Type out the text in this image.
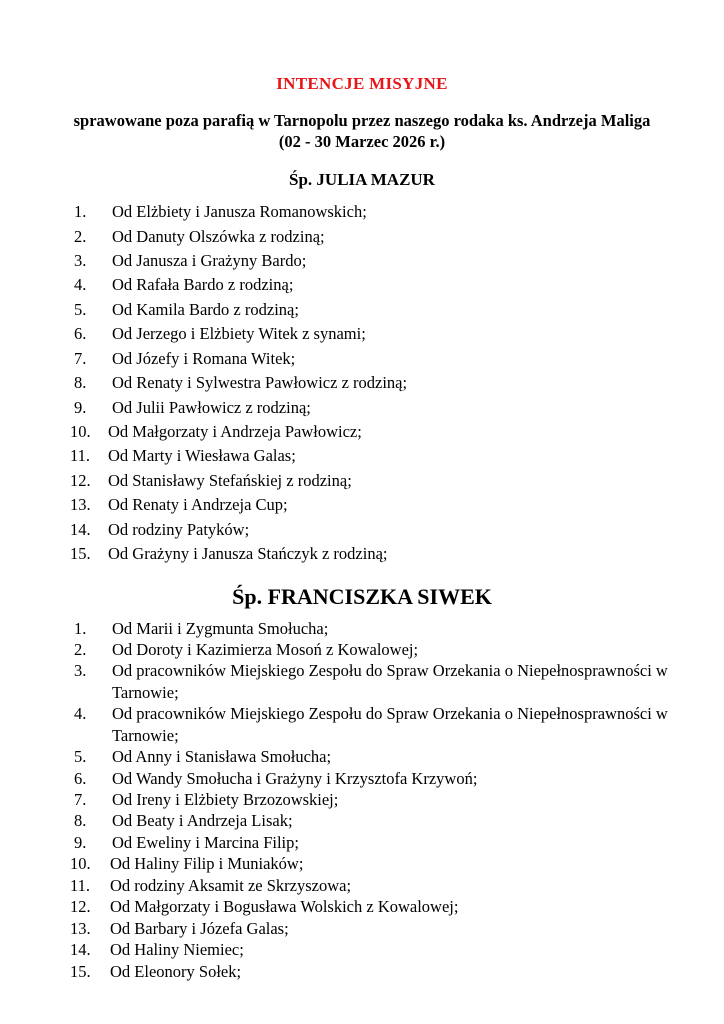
INTENCJE MISYJNE

sprawowane poza parafią w Tarnopolu przez naszego rodaka ks. Andrzeja Maliga (02 - 30 Marzec 2026 r.)

Śp. JULIA MAZUR
Od Elżbiety i Janusza Romanowskich;
Od Danuty Olszówka z rodziną;
Od Janusza i Grażyny Bardo;
Od Rafała Bardo z rodziną;
Od Kamila Bardo z rodziną;
Od Jerzego i Elżbiety Witek z synami;
Od Józefy i Romana Witek;
Od Renaty i Sylwestra Pawłowicz z rodziną;
Od Julii Pawłowicz z rodziną;
Od Małgorzaty i Andrzeja Pawłowicz;
Od Marty i Wiesława Galas;
Od Stanisławy Stefańskiej z rodziną;
Od Renaty i Andrzeja Cup;
Od rodziny Patyków;
Od Grażyny i Janusza Stańczyk z rodziną;
Śp. FRANCISZKA SIWEK
Od Marii i Zygmunta Smołucha;
Od Doroty i Kazimierza Mosoń z Kowalowej;
Od pracowników Miejskiego Zespołu do Spraw Orzekania o Niepełnosprawności w Tarnowie;
Od pracowników Miejskiego Zespołu do Spraw Orzekania o Niepełnosprawności w Tarnowie;
Od Anny i Stanisława Smołucha;
Od Wandy Smołucha i Grażyny i Krzysztofa Krzywoń;
Od Ireny i Elżbiety Brzozowskiej;
Od Beaty i Andrzeja Lisak;
Od Eweliny i Marcina Filip;
Od Haliny Filip i Muniaków;
Od rodziny Aksamit ze Skrzyszowa;
Od Małgorzaty i Bogusława Wolskich z Kowalowej;
Od Barbary i Józefa Galas;
Od Haliny Niemiec;
Od Eleonory Sołek;
